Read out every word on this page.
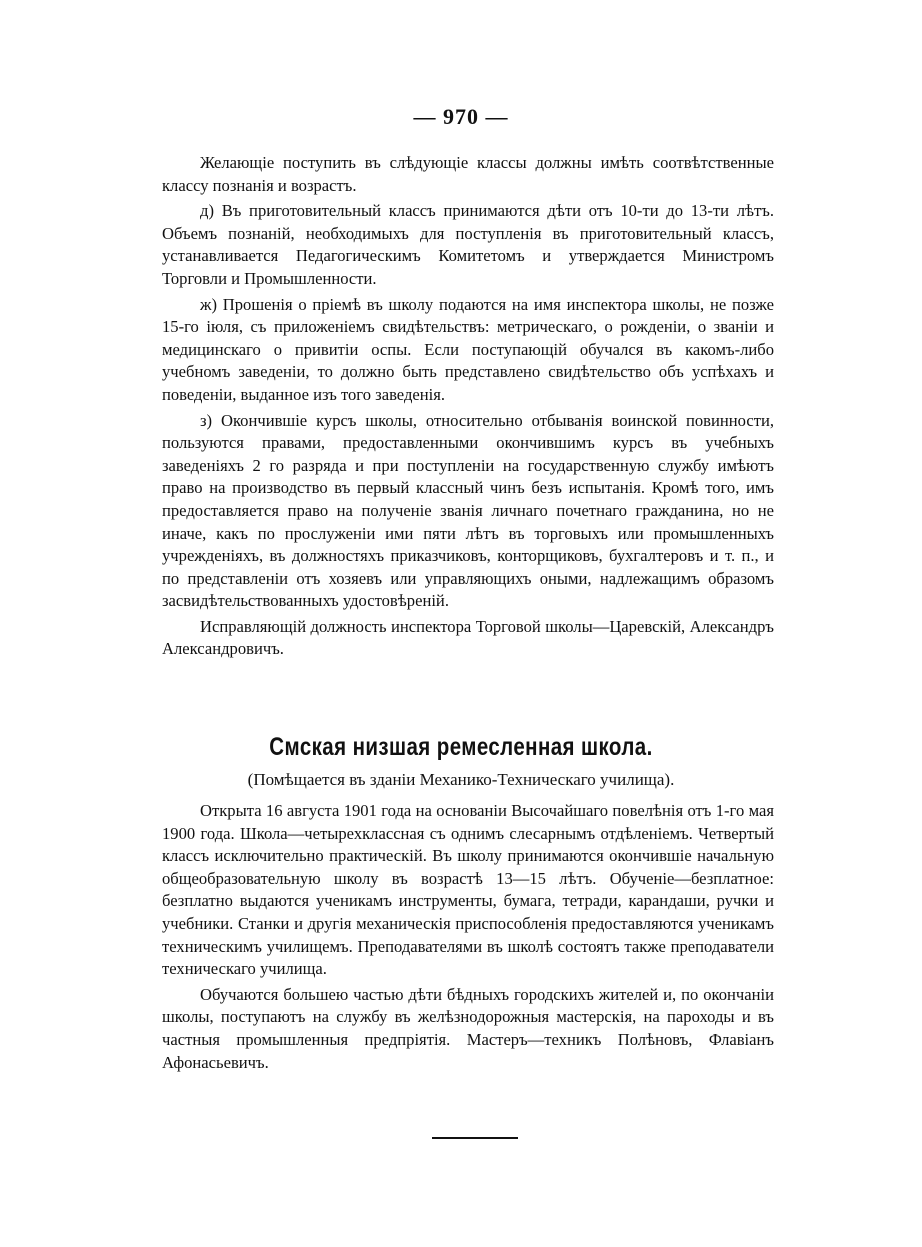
— 970 —

Желающіе поступить въ слѣдующіе классы должны имѣть соотвѣтственные классу познанія и возрастъ.

д) Въ приготовительный классъ принимаются дѣти отъ 10-ти до 13-ти лѣтъ. Объемъ познаній, необходимыхъ для поступленія въ приготовительный классъ, устанавливается Педагогическимъ Комитетомъ и утверждается Министромъ Торговли и Промышленности.

ж) Прошенія о пріемѣ въ школу подаются на имя инспектора школы, не позже 15-го іюля, съ приложеніемъ свидѣтельствъ: метрическаго, о рожденіи, о званіи и медицинскаго о привитіи оспы. Если поступающій обучался въ какомъ-либо учебномъ заведеніи, то должно быть представлено свидѣтельство объ успѣхахъ и поведеніи, выданное изъ того заведенія.

з) Окончившіе курсъ школы, относительно отбыванія воинской повинности, пользуются правами, предоставленными окончившимъ курсъ въ учебныхъ заведеніяхъ 2 го разряда и при поступленіи на государственную службу имѣютъ право на производство въ первый классный чинъ безъ испытанія. Кромѣ того, имъ предоставляется право на полученіе званія личнаго почетнаго гражданина, но не иначе, какъ по прослуженіи ими пяти лѣтъ въ торговыхъ или промышленныхъ учрежденіяхъ, въ должностяхъ приказчиковъ, конторщиковъ, бухгалтеровъ и т. п., и по представленіи отъ хозяевъ или управляющихъ оными, надлежащимъ образомъ засвидѣтельствованныхъ удостовѣреній.

Исправляющій должность инспектора Торговой школы—Царевскій, Александръ Александровичъ.

Смская низшая ремесленная школа.
(Помѣщается въ зданіи Механико-Техническаго училища).

Открыта 16 августа 1901 года на основаніи Высочайшаго повелѣнія отъ 1-го мая 1900 года. Школа—четырехклассная съ однимъ слесарнымъ отдѣленіемъ. Четвертый классъ исключительно практическій. Въ школу принимаются окончившіе начальную общеобразовательную школу въ возрастѣ 13—15 лѣтъ. Обученіе—безплатное: безплатно выдаются ученикамъ инструменты, бумага, тетради, карандаши, ручки и учебники. Станки и другія механическія приспособленія предоставляются ученикамъ техническимъ училищемъ. Преподавателями въ школѣ состоятъ также преподаватели техническаго училища.

Обучаются большею частью дѣти бѣдныхъ городскихъ жителей и, по окончаніи школы, поступаютъ на службу въ желѣзнодорожныя мастерскія, на пароходы и въ частныя промышленныя предпріятія. Мастеръ—техникъ Полѣновъ, Флавіанъ Афонасьевичъ.
